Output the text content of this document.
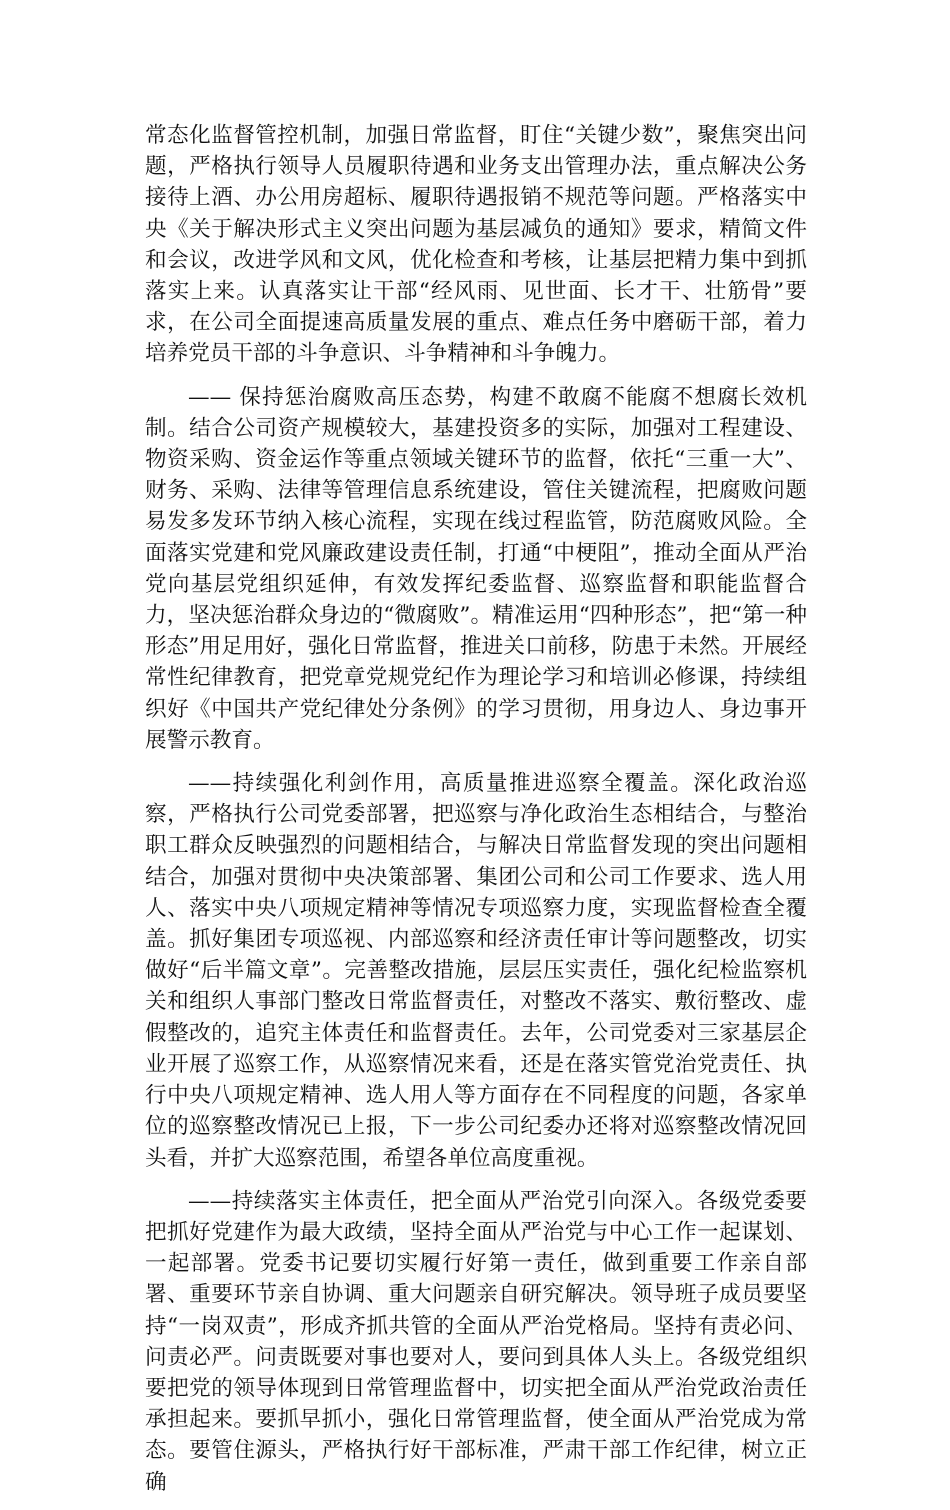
常态化监督管控机制，加强日常监督，盯住“关键少数”，聚焦突出问题，严格执行领导人员履职待遇和业务支出管理办法，重点解决公务接待上酒、办公用房超标、履职待遇报销不规范等问题。严格落实中央《关于解决形式主义突出问题为基层减负的通知》要求，精简文件和会议，改进学风和文风，优化检查和考核，让基层把精力集中到抓落实上来。认真落实让干部“经风雨、见世面、长才干、壮筋骨”要求，在公司全面提速高质量发展的重点、难点任务中磨砺干部，着力培养党员干部的斗争意识、斗争精神和斗争魄力。

—— 保持惩治腐败高压态势，构建不敢腐不能腐不想腐长效机制。结合公司资产规模较大，基建投资多的实际，加强对工程建设、物资采购、资金运作等重点领域关键环节的监督，依托“三重一大”、财务、采购、法律等管理信息系统建设，管住关键流程，把腐败问题易发多发环节纳入核心流程，实现在线过程监管，防范腐败风险。全面落实党建和党风廉政建设责任制，打通“中梗阻”，推动全面从严治党向基层党组织延伸，有效发挥纪委监督、巡察监督和职能监督合力，坚决惩治群众身边的“微腐败”。精准运用“四种形态”，把“第一种形态”用足用好，强化日常监督，推进关口前移，防患于未然。开展经常性纪律教育，把党章党规党纪作为理论学习和培训必修课，持续组织好《中国共产党纪律处分条例》的学习贯彻，用身边人、身边事开展警示教育。

——持续强化利剑作用，高质量推进巡察全覆盖。深化政治巡察，严格执行公司党委部署，把巡察与净化政治生态相结合，与整治职工群众反映强烈的问题相结合，与解决日常监督发现的突出问题相结合，加强对贯彻中央决策部署、集团公司和公司工作要求、选人用人、落实中央八项规定精神等情况专项巡察力度，实现监督检查全覆盖。抓好集团专项巡视、内部巡察和经济责任审计等问题整改，切实做好“后半篇文章”。完善整改措施，层层压实责任，强化纪检监察机关和组织人事部门整改日常监督责任，对整改不落实、敷衍整改、虚假整改的，追究主体责任和监督责任。去年，公司党委对三家基层企业开展了巡察工作，从巡察情况来看，还是在落实管党治党责任、执行中央八项规定精神、选人用人等方面存在不同程度的问题，各家单位的巡察整改情况已上报，下一步公司纪委办还将对巡察整改情况回头看，并扩大巡察范围，希望各单位高度重视。

——持续落实主体责任，把全面从严治党引向深入。各级党委要把抓好党建作为最大政绩，坚持全面从严治党与中心工作一起谋划、一起部署。党委书记要切实履行好第一责任，做到重要工作亲自部署、重要环节亲自协调、重大问题亲自研究解决。领导班子成员要坚持“一岗双责”，形成齐抓共管的全面从严治党格局。坚持有责必问、问责必严。问责既要对事也要对人，要问到具体人头上。各级党组织要把党的领导体现到日常管理监督中，切实把全面从严治党政治责任承担起来。要抓早抓小，强化日常管理监督，使全面从严治党成为常态。要管住源头，严格执行好干部标准，严肃干部工作纪律，树立正确
